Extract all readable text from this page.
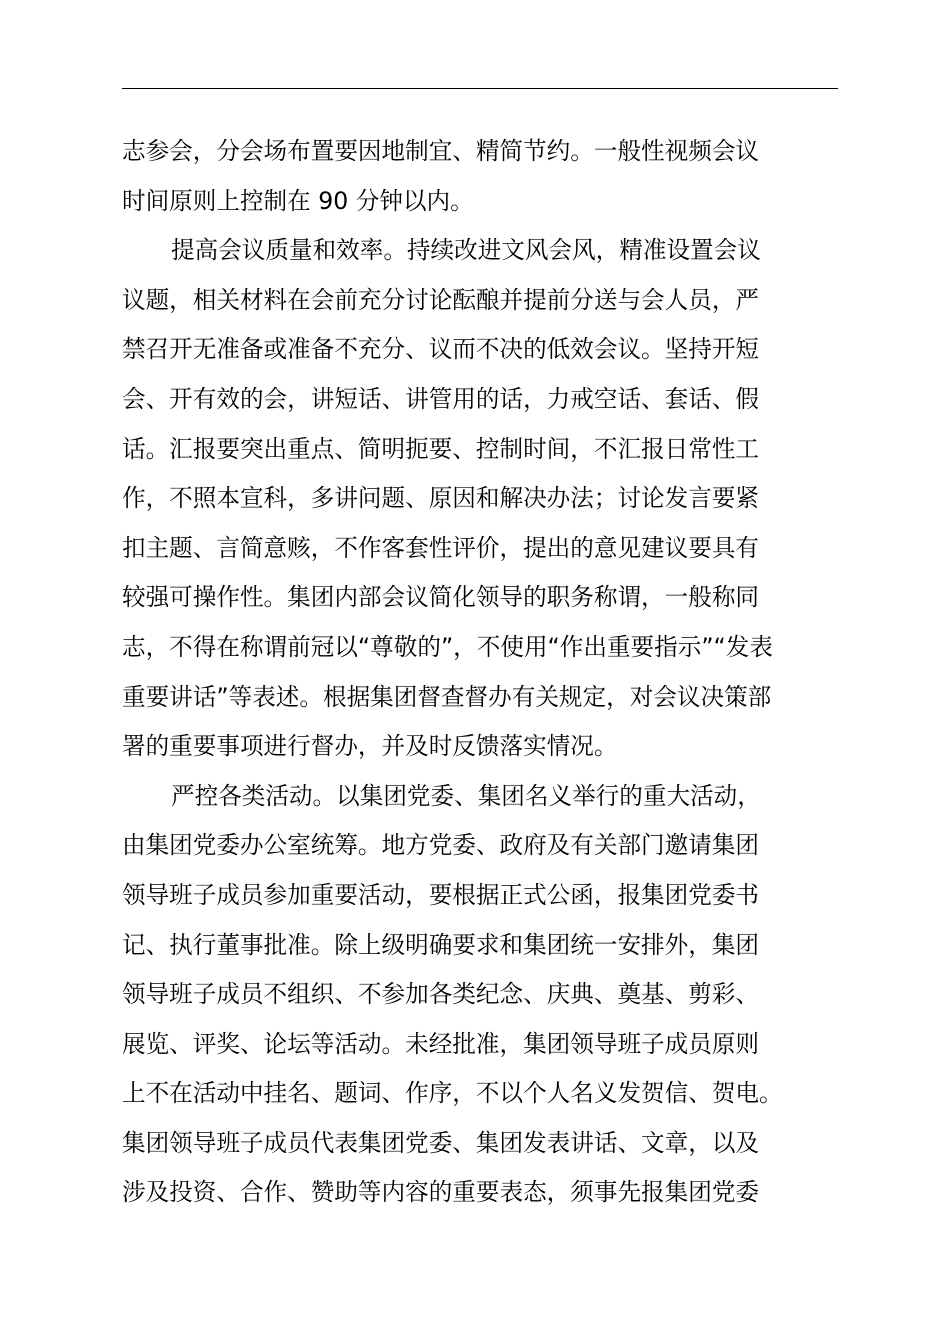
志参会，分会场布置要因地制宜、精简节约。一般性视频会议
时间原则上控制在 90 分钟以内。
提高会议质量和效率。持续改进文风会风，精准设置会议
议题，相关材料在会前充分讨论酝酿并提前分送与会人员，严
禁召开无准备或准备不充分、议而不决的低效会议。坚持开短
会、开有效的会，讲短话、讲管用的话，力戒空话、套话、假
话。汇报要突出重点、简明扼要、控制时间，不汇报日常性工
作，不照本宣科，多讲问题、原因和解决办法；讨论发言要紧
扣主题、言简意赅，不作客套性评价，提出的意见建议要具有
较强可操作性。集团内部会议简化领导的职务称谓，一般称同
志，不得在称谓前冠以“尊敬的”，不使用“作出重要指示”“发表
重要讲话”等表述。根据集团督查督办有关规定，对会议决策部
署的重要事项进行督办，并及时反馈落实情况。
严控各类活动。以集团党委、集团名义举行的重大活动，
由集团党委办公室统筹。地方党委、政府及有关部门邀请集团
领导班子成员参加重要活动，要根据正式公函，报集团党委书
记、执行董事批准。除上级明确要求和集团统一安排外，集团
领导班子成员不组织、不参加各类纪念、庆典、奠基、剪彩、
展览、评奖、论坛等活动。未经批准，集团领导班子成员原则
上不在活动中挂名、题词、作序，不以个人名义发贺信、贺电。
集团领导班子成员代表集团党委、集团发表讲话、文章，以及
涉及投资、合作、赞助等内容的重要表态，须事先报集团党委
